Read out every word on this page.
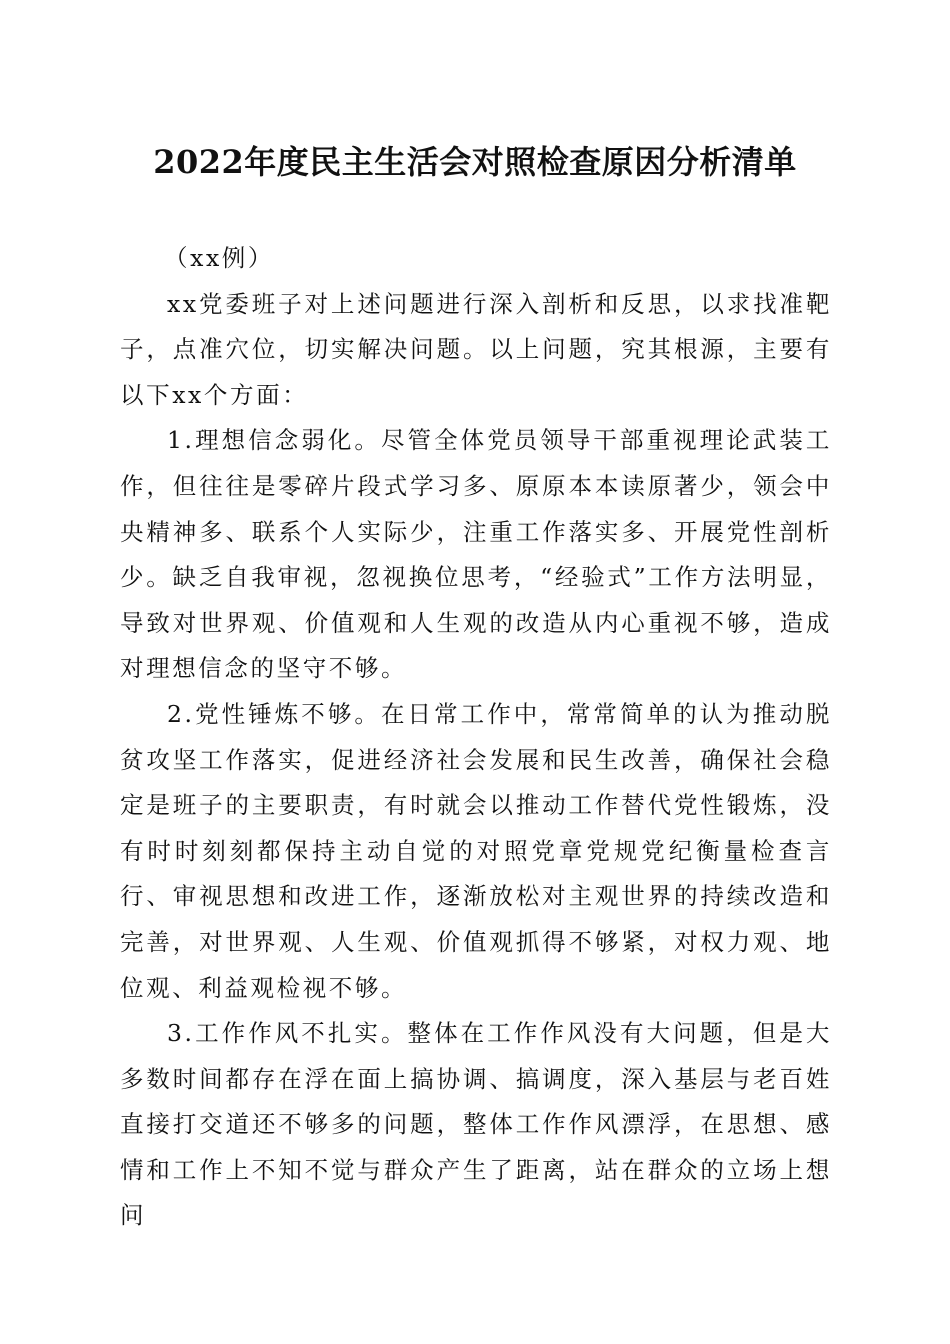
2022年度民主生活会对照检查原因分析清单

（xx例）

xx党委班子对上述问题进行深入剖析和反思，以求找准靶子，点准穴位，切实解决问题。以上问题，究其根源，主要有以下xx个方面：

1.理想信念弱化。尽管全体党员领导干部重视理论武装工作，但往往是零碎片段式学习多、原原本本读原著少，领会中央精神多、联系个人实际少，注重工作落实多、开展党性剖析少。缺乏自我审视，忽视换位思考，“经验式”工作方法明显，导致对世界观、价值观和人生观的改造从内心重视不够，造成对理想信念的坚守不够。

2.党性锤炼不够。在日常工作中，常常简单的认为推动脱贫攻坚工作落实，促进经济社会发展和民生改善，确保社会稳定是班子的主要职责，有时就会以推动工作替代党性锻炼，没有时时刻刻都保持主动自觉的对照党章党规党纪衡量检查言行、审视思想和改进工作，逐渐放松对主观世界的持续改造和完善，对世界观、人生观、价值观抓得不够紧，对权力观、地位观、利益观检视不够。

3.工作作风不扎实。整体在工作作风没有大问题，但是大多数时间都存在浮在面上搞协调、搞调度，深入基层与老百姓直接打交道还不够多的问题，整体工作作风漂浮，在思想、感情和工作上不知不觉与群众产生了距离，站在群众的立场上想问
